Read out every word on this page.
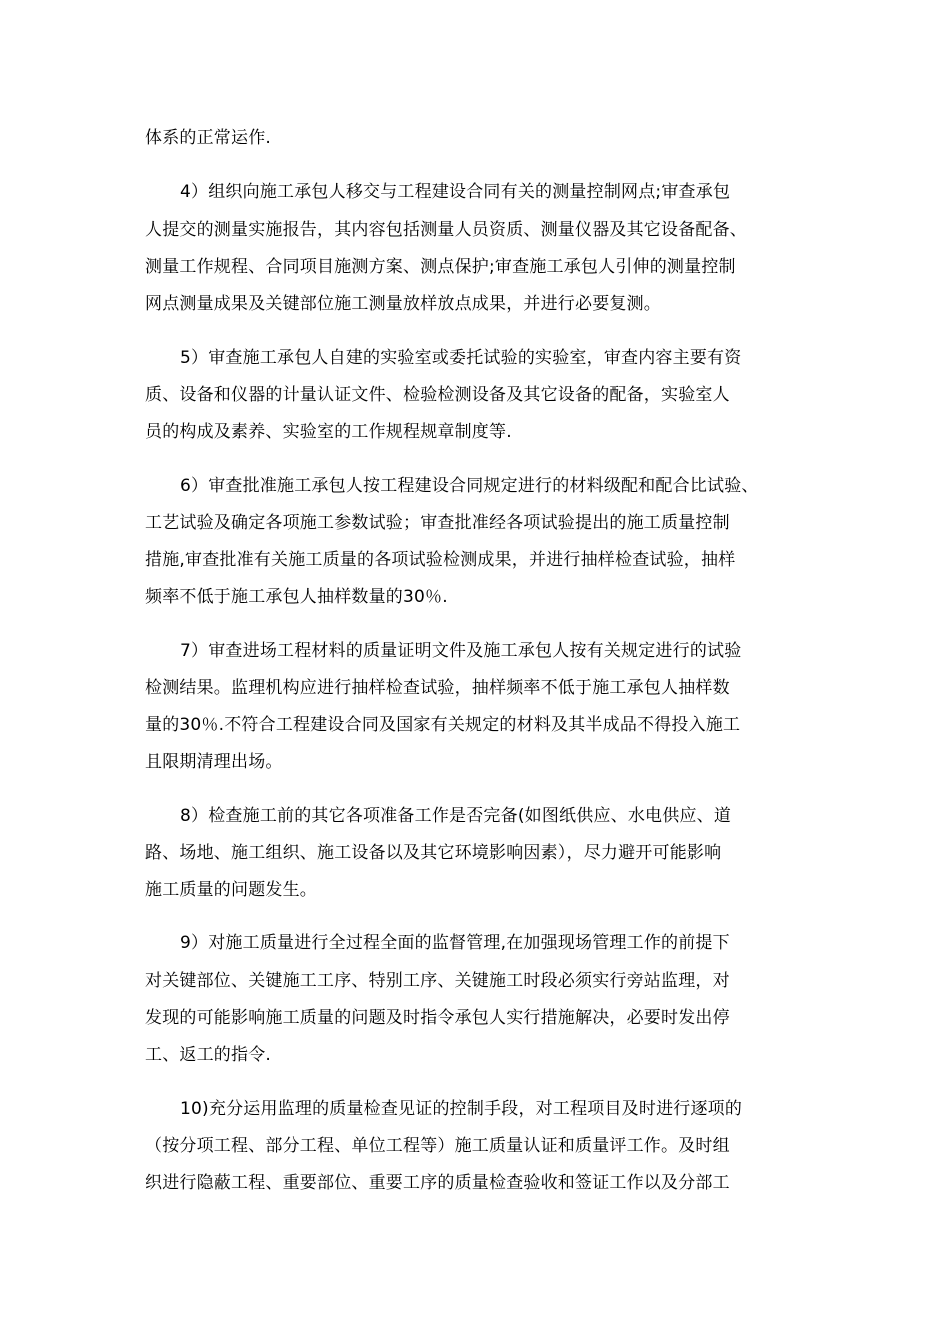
体系的正常运作.
4）组织向施工承包人移交与工程建设合同有关的测量控制网点;审查承包
人提交的测量实施报告，其内容包括测量人员资质、测量仪器及其它设备配备、
测量工作规程、合同项目施测方案、测点保护;审查施工承包人引伸的测量控制
网点测量成果及关键部位施工测量放样放点成果，并进行必要复测。
5）审查施工承包人自建的实验室或委托试验的实验室，审查内容主要有资
质、设备和仪器的计量认证文件、检验检测设备及其它设备的配备，实验室人
员的构成及素养、实验室的工作规程规章制度等.
6）审查批准施工承包人按工程建设合同规定进行的材料级配和配合比试验、
工艺试验及确定各项施工参数试验；审查批准经各项试验提出的施工质量控制
措施,审查批准有关施工质量的各项试验检测成果，并进行抽样检查试验，抽样
频率不低于施工承包人抽样数量的30％.
7）审查进场工程材料的质量证明文件及施工承包人按有关规定进行的试验
检测结果。监理机构应进行抽样检查试验，抽样频率不低于施工承包人抽样数
量的30％.不符合工程建设合同及国家有关规定的材料及其半成品不得投入施工
且限期清理出场。
8）检查施工前的其它各项准备工作是否完备(如图纸供应、水电供应、道
路、场地、施工组织、施工设备以及其它环境影响因素），尽力避开可能影响
施工质量的问题发生。
9）对施工质量进行全过程全面的监督管理,在加强现场管理工作的前提下
对关键部位、关键施工工序、特别工序、关键施工时段必须实行旁站监理，对
发现的可能影响施工质量的问题及时指令承包人实行措施解决，必要时发出停
工、返工的指令.
10)充分运用监理的质量检查见证的控制手段，对工程项目及时进行逐项的
（按分项工程、部分工程、单位工程等）施工质量认证和质量评工作。及时组
织进行隐蔽工程、重要部位、重要工序的质量检查验收和签证工作以及分部工
